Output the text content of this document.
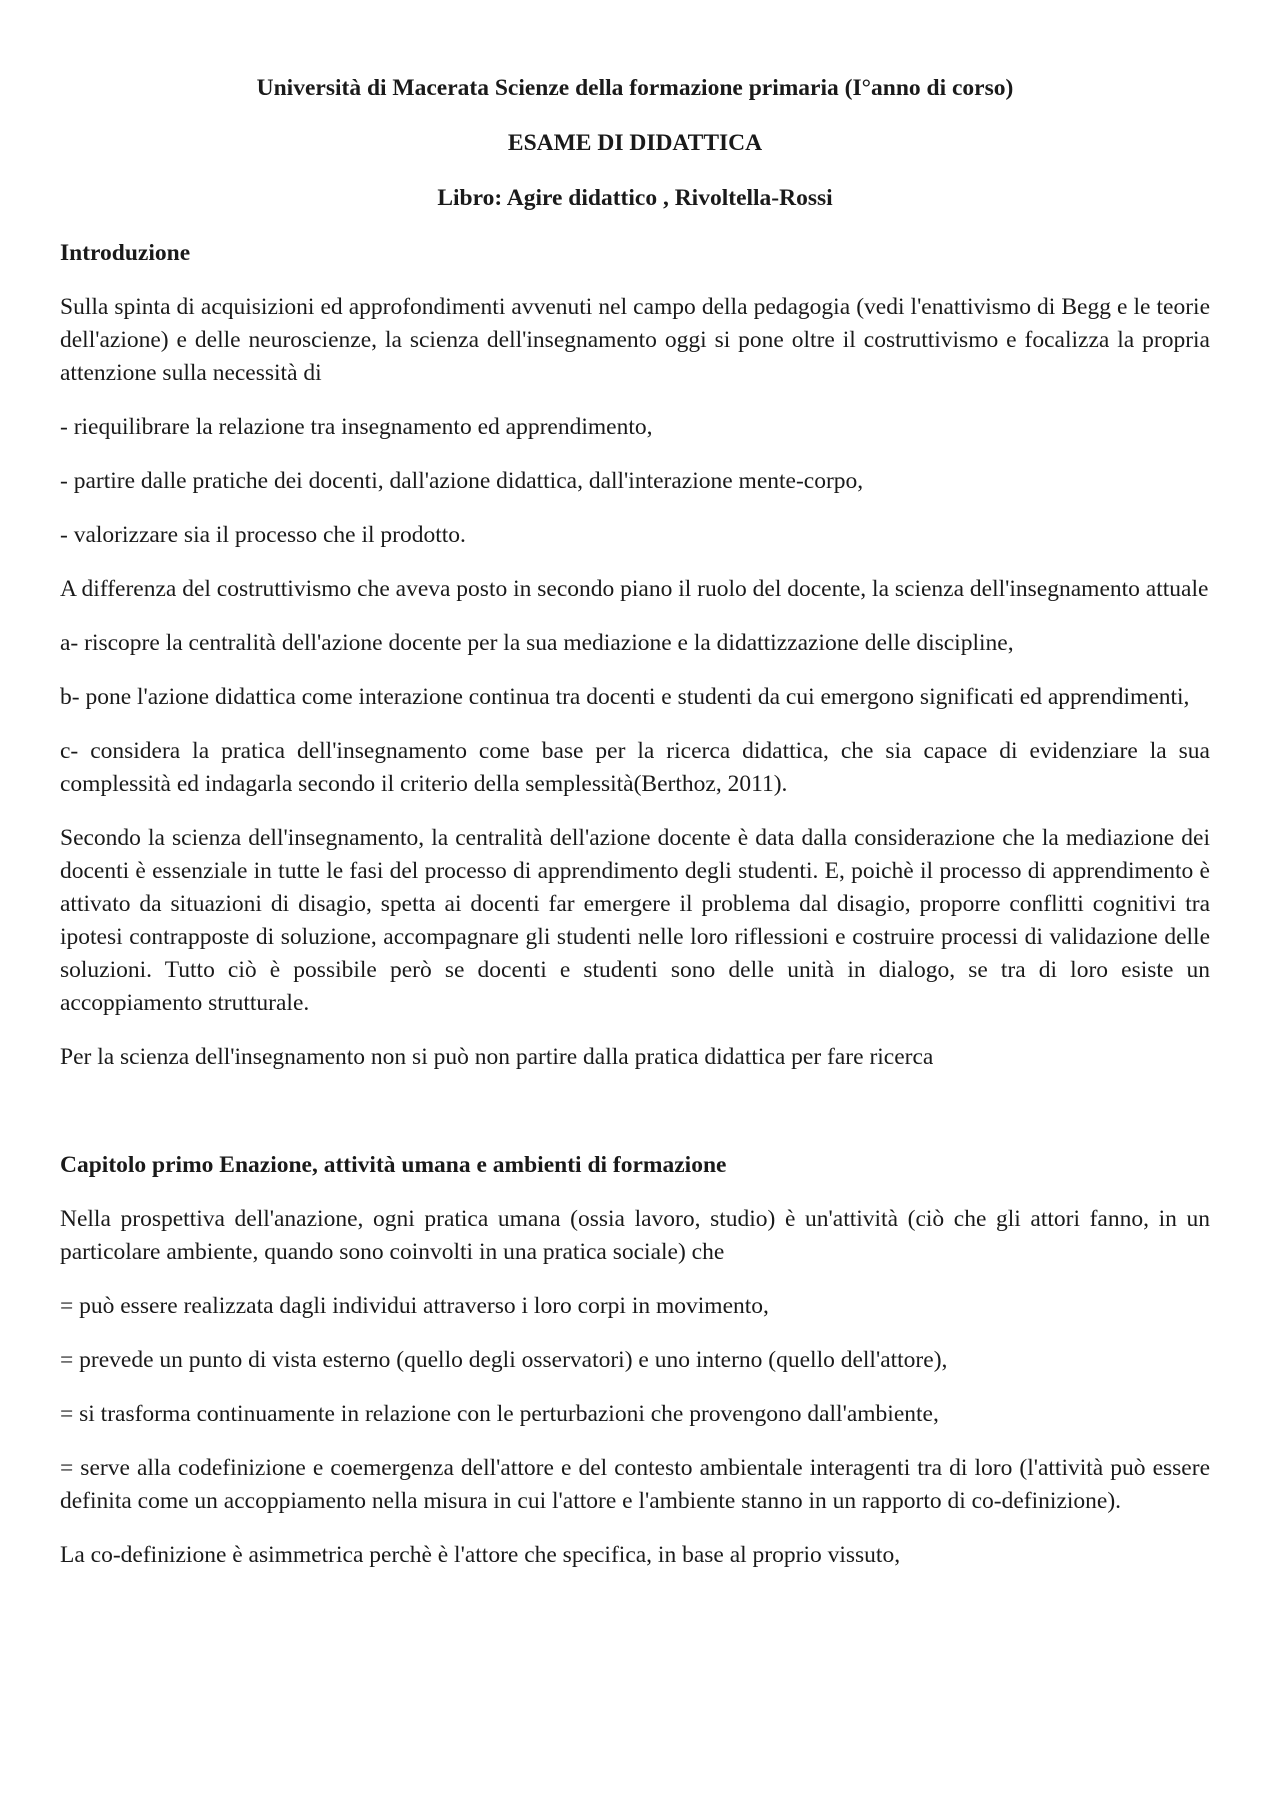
Università di Macerata Scienze della formazione primaria (I°anno di corso)
ESAME DI DIDATTICA
Libro: Agire didattico , Rivoltella-Rossi
Introduzione

Sulla spinta di acquisizioni ed approfondimenti avvenuti nel campo della pedagogia (vedi l'enattivismo di Begg e le teorie dell'azione) e delle neuroscienze, la scienza dell'insegnamento oggi si pone oltre il costruttivismo e focalizza la propria attenzione sulla necessità di

- riequilibrare la relazione tra insegnamento ed apprendimento,

- partire dalle pratiche dei docenti, dall'azione didattica, dall'interazione mente-corpo,

- valorizzare sia il processo che il prodotto.

A differenza del costruttivismo che aveva posto in secondo piano il ruolo del docente, la scienza dell'insegnamento attuale

a- riscopre la centralità dell'azione docente per la sua mediazione e la didattizzazione delle discipline,

b- pone l'azione didattica come interazione continua tra docenti e studenti da cui emergono significati ed apprendimenti,

c- considera la pratica dell'insegnamento come base per la ricerca didattica, che sia capace di evidenziare la sua complessità ed indagarla secondo il criterio della semplessità(Berthoz, 2011).

Secondo la scienza dell'insegnamento, la centralità dell'azione docente è data dalla considerazione che la mediazione dei docenti è essenziale in tutte le fasi del processo di apprendimento degli studenti. E, poichè il processo di apprendimento è attivato da situazioni di disagio, spetta ai docenti far emergere il problema dal disagio, proporre conflitti cognitivi tra ipotesi contrapposte di soluzione, accompagnare gli studenti nelle loro riflessioni e costruire processi di validazione delle soluzioni. Tutto ciò è possibile però se docenti e studenti sono delle unità in dialogo, se tra di loro esiste un accoppiamento strutturale.

Per la scienza dell'insegnamento non si può non partire dalla pratica didattica per fare ricerca

Capitolo primo Enazione, attività umana e ambienti di formazione

Nella prospettiva dell'anazione, ogni pratica umana (ossia lavoro, studio) è un'attività (ciò che gli attori fanno, in un particolare ambiente, quando sono coinvolti in una pratica sociale) che

= può essere realizzata dagli individui attraverso i loro corpi in movimento,

= prevede un punto di vista esterno (quello degli osservatori) e uno interno (quello dell'attore),

= si trasforma continuamente in relazione con le perturbazioni che provengono dall'ambiente,

= serve alla codefinizione e coemergenza dell'attore e del contesto ambientale interagenti tra di loro (l'attività può essere definita come un accoppiamento nella misura in cui l'attore e l'ambiente stanno in un rapporto di co-definizione).

La co-definizione è asimmetrica perchè è l'attore che specifica, in base al proprio vissuto,
